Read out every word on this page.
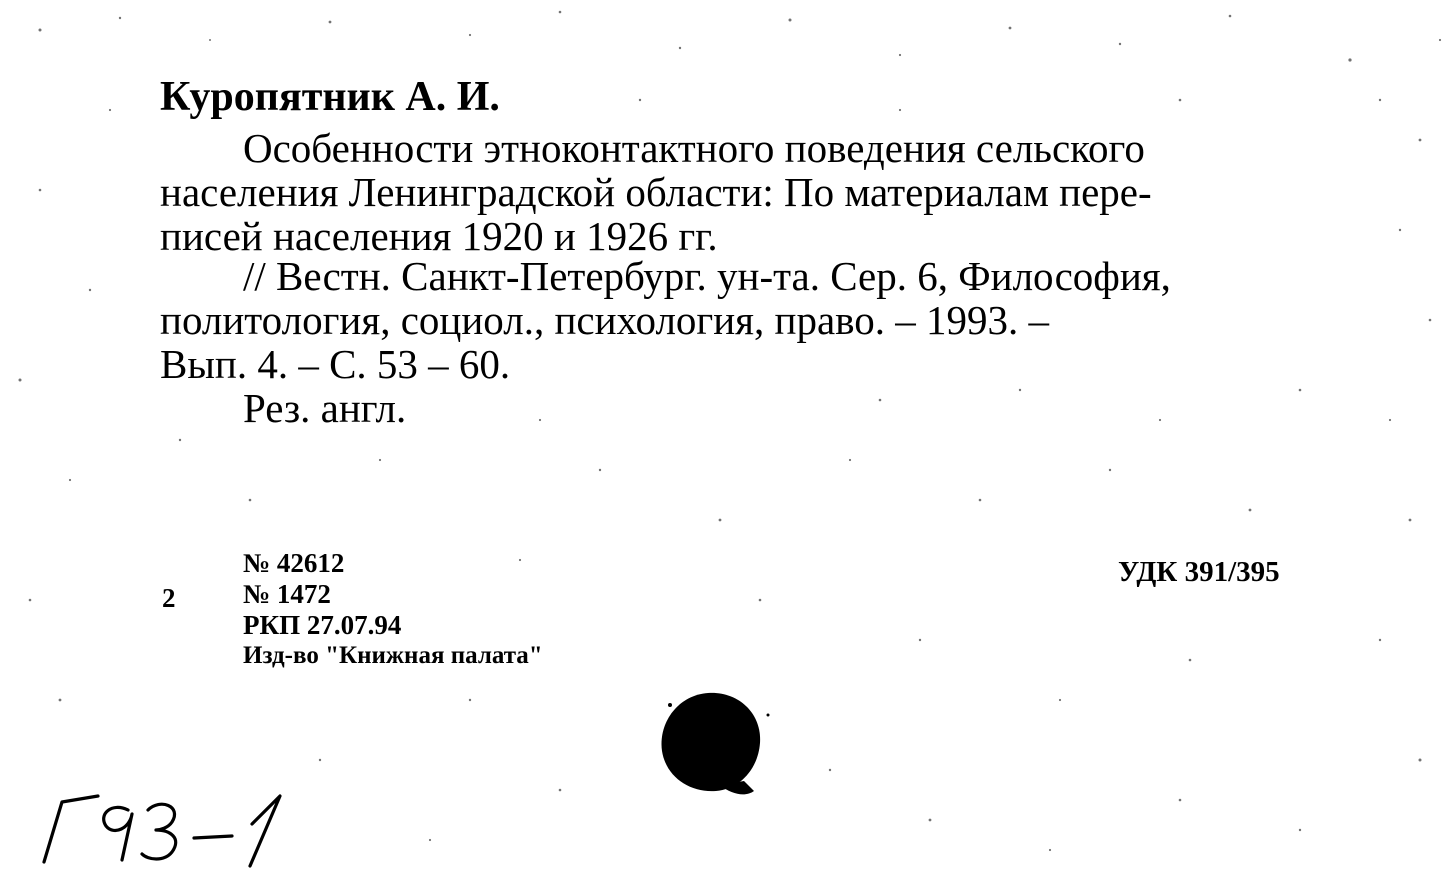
Куропятник А. И.
Особенности этноконтактного поведения сельского
населения Ленинградской области: По материалам пере-
писей населения 1920 и 1926 гг.
// Вестн. Санкт-Петербург. ун-та. Сер. 6, Философия,
политология, социол., психология, право. – 1993. –
Вып. 4. – С. 53 – 60.
Рез. англ.
2
№ 42612
№ 1472
РКП 27.07.94
Изд-во "Книжная палата"
УДК 391/395
